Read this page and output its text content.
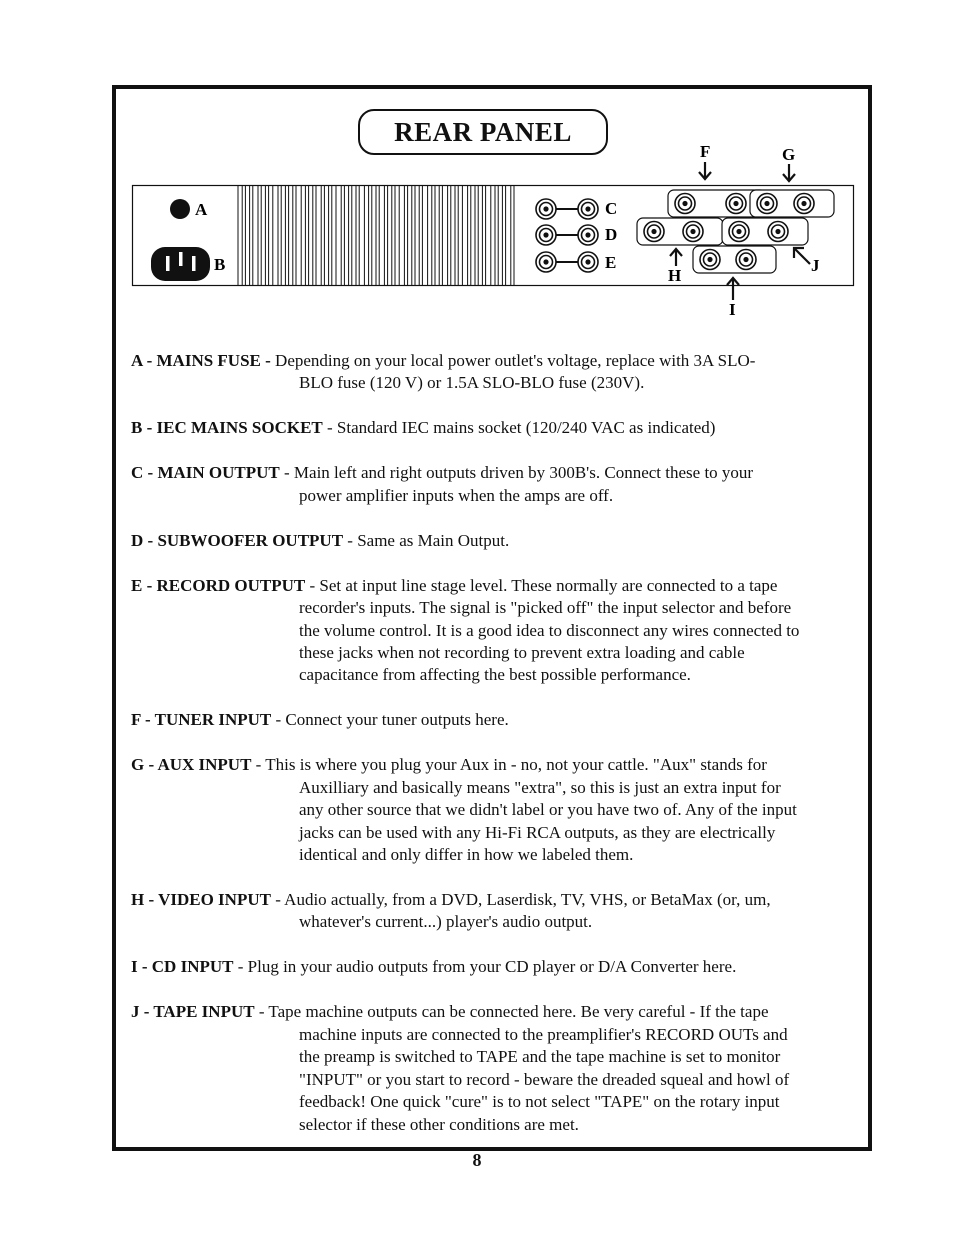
REAR PANEL
A
B
C
D
E
F	G
H
I
J
A - MAINS FUSE - Depending on your local power outlet's voltage, replace with 3A SLO-
BLO fuse (120 V) or 1.5A SLO-BLO fuse (230V).
B - IEC MAINS SOCKET - Standard IEC mains socket (120/240 VAC as indicated)
C - MAIN OUTPUT - Main left and right outputs driven by 300B's. Connect these to your
power amplifier inputs when the amps are off.
D - SUBWOOFER OUTPUT - Same as Main Output.
E - RECORD OUTPUT - Set at input line stage level. These normally are connected to a tape
recorder's inputs. The signal is "picked off" the input selector and before
the volume control. It is a good idea to disconnect any wires connected to
these jacks when not recording to prevent extra loading and cable
capacitance from affecting the best possible performance.
F - TUNER INPUT - Connect your tuner outputs here.
G - AUX INPUT - This is where you plug your Aux in - no, not your cattle. "Aux" stands for
Auxilliary and basically means "extra", so this is just an extra input for
any other source that we didn't label or you have two of. Any of the input
jacks can be used with any Hi-Fi RCA outputs, as they are electrically
identical and only differ in how we labeled them.
H - VIDEO INPUT - Audio actually, from a DVD, Laserdisk, TV, VHS, or BetaMax (or, um,
whatever's current...) player's audio output.
I - CD INPUT - Plug in your audio outputs from your CD player or D/A Converter here.
J - TAPE INPUT - Tape machine outputs can be connected here. Be very careful - If the tape
machine inputs are connected to the preamplifier's RECORD OUTs and
the preamp is switched to TAPE and the tape machine is set to monitor
"INPUT" or you start to record - beware the dreaded squeal and howl of
feedback! One quick "cure" is to not select "TAPE" on the rotary input
selector if these other conditions are met.
8
